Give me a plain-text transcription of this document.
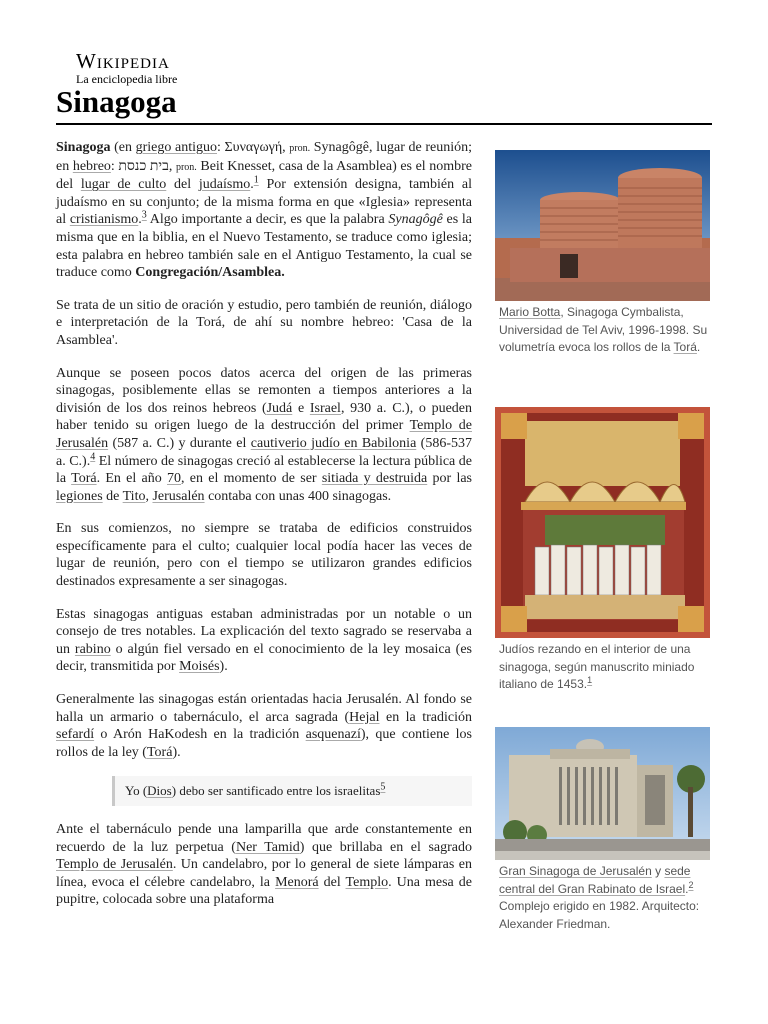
Wikipedia
La enciclopedia libre
Sinagoga

Sinagoga (en griego antiguo: Συναγωγή, pron. Synagôgê, lugar de reunión; en hebreo: בית כנסת, pron. Beit Knesset, casa de la Asamblea) es el nombre del lugar de culto del judaísmo.$^1$ Por extensión designa, también al judaísmo en su conjunto; de la misma forma en que «Iglesia» representa al cristianismo.$^3$ Algo importante a decir, es que la palabra Synagôgê es la misma que en la biblia, en el Nuevo Testamento, se traduce como iglesia; esta palabra en hebreo también sale en el Antiguo Testamento, la cual se traduce como Congregación/Asamblea.

Se trata de un sitio de oración y estudio, pero también de reunión, diálogo e interpretación de la Torá, de ahí su nombre hebreo: 'Casa de la Asamblea'.

Aunque se poseen pocos datos acerca del origen de las primeras sinagogas, posiblemente ellas se remonten a tiempos anteriores a la división de los dos reinos hebreos (Judá e Israel, 930 a. C.), o pueden haber tenido su origen luego de la destrucción del primer Templo de Jerusalén (587 a. C.) y durante el cautiverio judío en Babilonia (586-537 a. C.).$^4$ El número de sinagogas creció al establecerse la lectura pública de la Torá. En el año 70, en el momento de ser sitiada y destruida por las legiones de Tito, Jerusalén contaba con unas 400 sinagogas.

En sus comienzos, no siempre se trataba de edificios construidos específicamente para el culto; cualquier local podía hacer las veces de lugar de reunión, pero con el tiempo se utilizaron grandes edificios destinados expresamente a ser sinagogas.

Estas sinagogas antiguas estaban administradas por un notable o un consejo de tres notables. La explicación del texto sagrado se reservaba a un rabino o algún fiel versado en el conocimiento de la ley mosaica (es decir, transmitida por Moisés).

Generalmente las sinagogas están orientadas hacia Jerusalén. Al fondo se halla un armario o tabernáculo, el arca sagrada (Hejal en la tradición sefardí o Arón HaKodesh en la tradición asquenazí), que contiene los rollos de la ley (Torá).

Yo (Dios) debo ser santificado entre los israelitas$^5$

Ante el tabernáculo pende una lamparilla que arde constantemente en recuerdo de la luz perpetua (Ner Tamid) que brillaba en el sagrado Templo de Jerusalén. Un candelabro, por lo general de siete lámparas en línea, evoca el célebre candelabro, la Menorá del Templo. Una mesa de pupitre, colocada sobre una plataforma

Mario Botta, Sinagoga Cymbalista, Universidad de Tel Aviv, 1996-1998. Su volumetría evoca los rollos de la Torá.
Judíos rezando en el interior de una sinagoga, según manuscrito miniado italiano de 1453.$^1$
Gran Sinagoga de Jerusalén y sede central del Gran Rabinato de Israel.$^2$ Complejo erigido en 1982. Arquitecto: Alexander Friedman.
